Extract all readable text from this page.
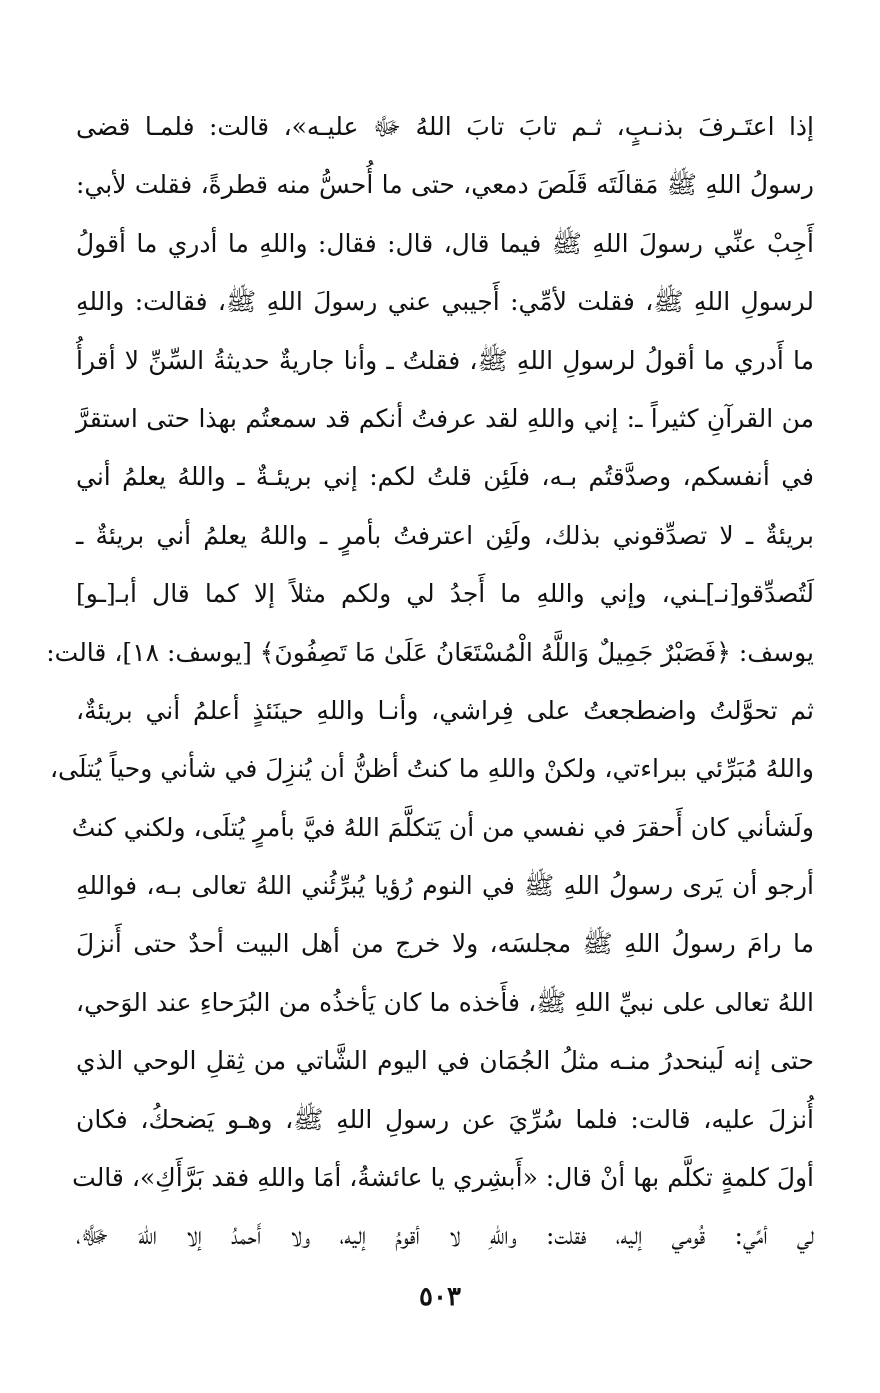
إذا اعتَـرفَ بذنـبٍ، ثـم تابَ تابَ اللهُ ﷻ عليـه»، قالت: فلمـا قضى
رسولُ اللهِ ﷺ مَقالَتَه قَلَصَ دمعي، حتى ما أُحسُّ منه قطرةً، فقلت لأبي:
أَجِبْ عنِّي رسولَ اللهِ ﷺ فيما قال، قال: فقال: واللهِ ما أدري ما أقولُ
لرسولِ اللهِ ﷺ، فقلت لأمِّي: أَجيبي عني رسولَ اللهِ ﷺ، فقالت: واللهِ
ما أَدري ما أقولُ لرسولِ اللهِ ﷺ، فقلتُ ـ وأنا جاريةٌ حديثةُ السِّنِّ لا أقرأُ
من القرآنِ كثيراً ـ: إني واللهِ لقد عرفتُ أنكم قد سمعتُم بهذا حتى استقرَّ
في أنفسكم، وصدَّقتُم بـه، فلَئِن قلتُ لكم: إني بريئـةٌ ـ واللهُ يعلمُ أني
بريئةٌ ـ لا تصدِّقوني بذلك، ولَئِن اعترفتُ بأمرٍ ـ واللهُ يعلمُ أني بريئةٌ ـ
لَتُصدِّقو[نـ]ـني، وإني واللهِ ما أَجدُ لي ولكم مثلاً إلا كما قال أبـ[ـو]
يوسف: ﴿فَصَبْرٌ جَمِيلٌ وَاللَّهُ الْمُسْتَعَانُ عَلَىٰ مَا تَصِفُونَ﴾ [يوسف: ١٨]، قالت:
ثم تحوَّلتُ واضطجعتُ على فِراشي، وأنـا واللهِ حينَئذٍ أعلمُ أني بريئةٌ،
واللهُ مُبَرِّئي ببراءتي، ولكنْ واللهِ ما كنتُ أظنُّ أن يُنزِلَ في شأني وحياً يُتلَى،
ولَشأني كان أَحقرَ في نفسي من أن يَتكلَّمَ اللهُ فيَّ بأمرٍ يُتلَى، ولكني كنتُ
أرجو أن يَرى رسولُ اللهِ ﷺ في النوم رُؤيا يُبرِّئُني اللهُ تعالى بـه، فواللهِ
ما رامَ رسولُ اللهِ ﷺ مجلسَه، ولا خرج من أهل البيت أحدٌ حتى أَنزلَ
اللهُ تعالى على نبيِّ اللهِ ﷺ، فأَخذه ما كان يَأخذُه من البُرَحاءِ عند الوَحي،
حتى إنه لَينحدرُ منـه مثلُ الجُمَان في اليوم الشَّاتي من ثِقلِ الوحي الذي
أُنزلَ عليه، قالت: فلما سُرِّيَ عن رسولِ اللهِ ﷺ، وهـو يَضحكُ، فكان
أولَ كلمةٍ تكلَّم بها أنْ قال: «أَبشِري يا عائشةُ، أمَا واللهِ فقد بَرَّأَكِ»، قالت
لي أمِّي: قُومي إليه، فقلت: واللهِ لا أقومُ إليه، ولا أَحمدُ إلا اللهَ ﷻ،
٥٠٣
